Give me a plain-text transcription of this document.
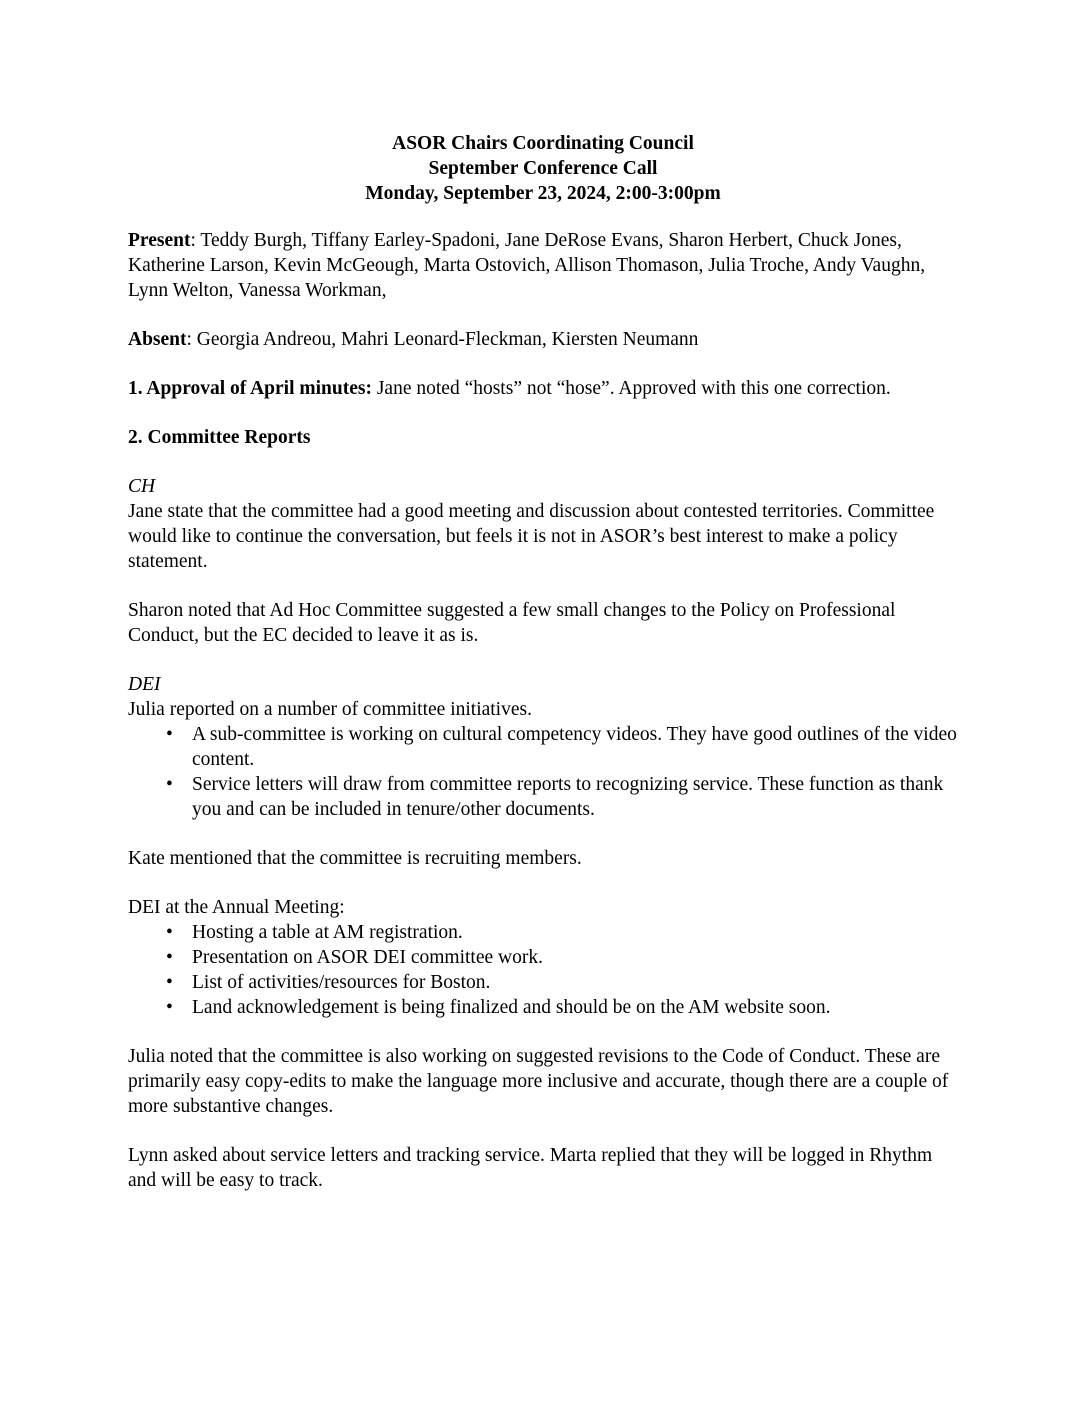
ASOR Chairs Coordinating Council
September Conference Call
Monday, September 23, 2024, 2:00-3:00pm

Present: Teddy Burgh, Tiffany Earley-Spadoni, Jane DeRose Evans, Sharon Herbert, Chuck Jones, Katherine Larson, Kevin McGeough, Marta Ostovich, Allison Thomason, Julia Troche, Andy Vaughn, Lynn Welton, Vanessa Workman,

Absent: Georgia Andreou, Mahri Leonard-Fleckman, Kiersten Neumann

1. Approval of April minutes: Jane noted “hosts” not “hose”. Approved with this one correction.

2. Committee Reports
CH

Jane state that the committee had a good meeting and discussion about contested territories. Committee would like to continue the conversation, but feels it is not in ASOR’s best interest to make a policy statement.

Sharon noted that Ad Hoc Committee suggested a few small changes to the Policy on Professional Conduct, but the EC decided to leave it as is.

DEI

Julia reported on a number of committee initiatives.

• A sub-committee is working on cultural competency videos. They have good outlines of the video content.
• Service letters will draw from committee reports to recognizing service. These function as thank you and can be included in tenure/other documents.

Kate mentioned that the committee is recruiting members.

DEI at the Annual Meeting:

• Hosting a table at AM registration.
• Presentation on ASOR DEI committee work.
• List of activities/resources for Boston.
• Land acknowledgement is being finalized and should be on the AM website soon.

Julia noted that the committee is also working on suggested revisions to the Code of Conduct. These are primarily easy copy-edits to make the language more inclusive and accurate, though there are a couple of more substantive changes.

Lynn asked about service letters and tracking service. Marta replied that they will be logged in Rhythm and will be easy to track.
